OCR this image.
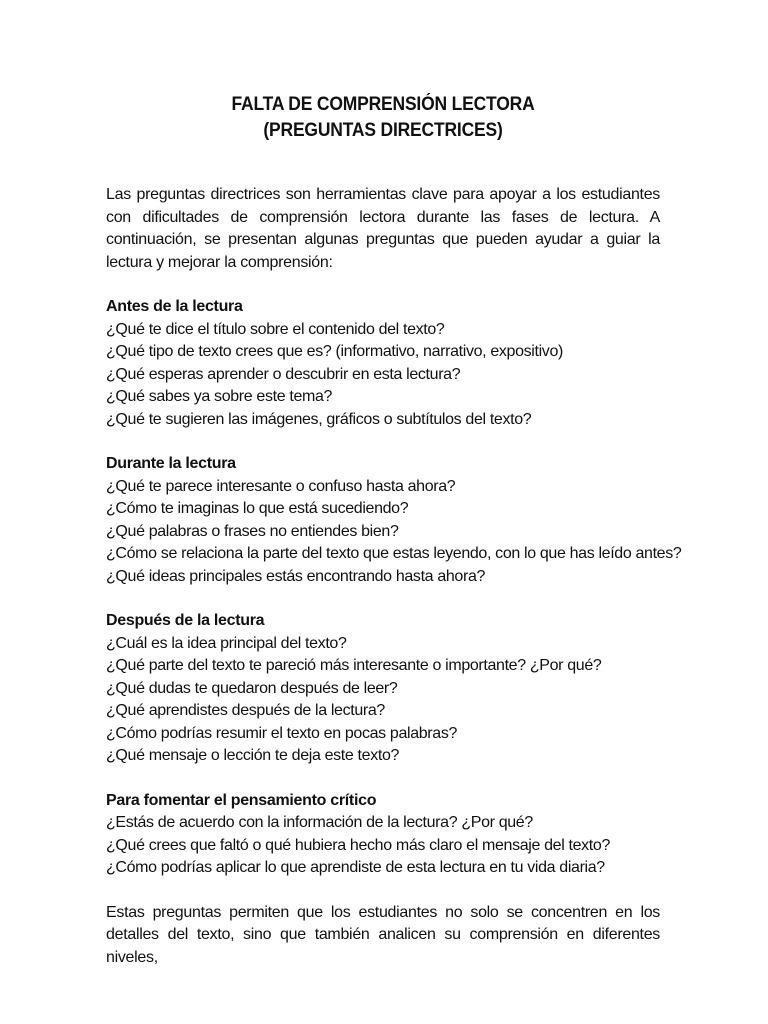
FALTA DE COMPRENSIÓN LECTORA
(PREGUNTAS DIRECTRICES)

Las preguntas directrices son herramientas clave para apoyar a los estudiantes con dificultades de comprensión lectora durante las fases de lectura. A continuación, se presentan algunas preguntas que pueden ayudar a guiar la lectura y mejorar la comprensión:

Antes de la lectura
¿Qué te dice el título sobre el contenido del texto?
¿Qué tipo de texto crees que es? (informativo, narrativo, expositivo)
¿Qué esperas aprender o descubrir en esta lectura?
¿Qué sabes ya sobre este tema?
¿Qué te sugieren las imágenes, gráficos o subtítulos del texto?
Durante la lectura
¿Qué te parece interesante o confuso hasta ahora?
¿Cómo te imaginas lo que está sucediendo?
¿Qué palabras o frases no entiendes bien?
¿Cómo se relaciona la parte del texto que estas leyendo, con lo que has leído antes?
¿Qué ideas principales estás encontrando hasta ahora?
Después de la lectura
¿Cuál es la idea principal del texto?
¿Qué parte del texto te pareció más interesante o importante? ¿Por qué?
¿Qué dudas te quedaron después de leer?
¿Qué aprendistes después de la lectura?
¿Cómo podrías resumir el texto en pocas palabras?
¿Qué mensaje o lección te deja este texto?
Para fomentar el pensamiento crítico
¿Estás de acuerdo con la información de la lectura? ¿Por qué?
¿Qué crees que faltó o qué hubiera hecho más claro el mensaje del texto?
¿Cómo podrías aplicar lo que aprendiste de esta lectura en tu vida diaria?

Estas preguntas permiten que los estudiantes no solo se concentren en los detalles del texto, sino que también analicen su comprensión en diferentes niveles,
